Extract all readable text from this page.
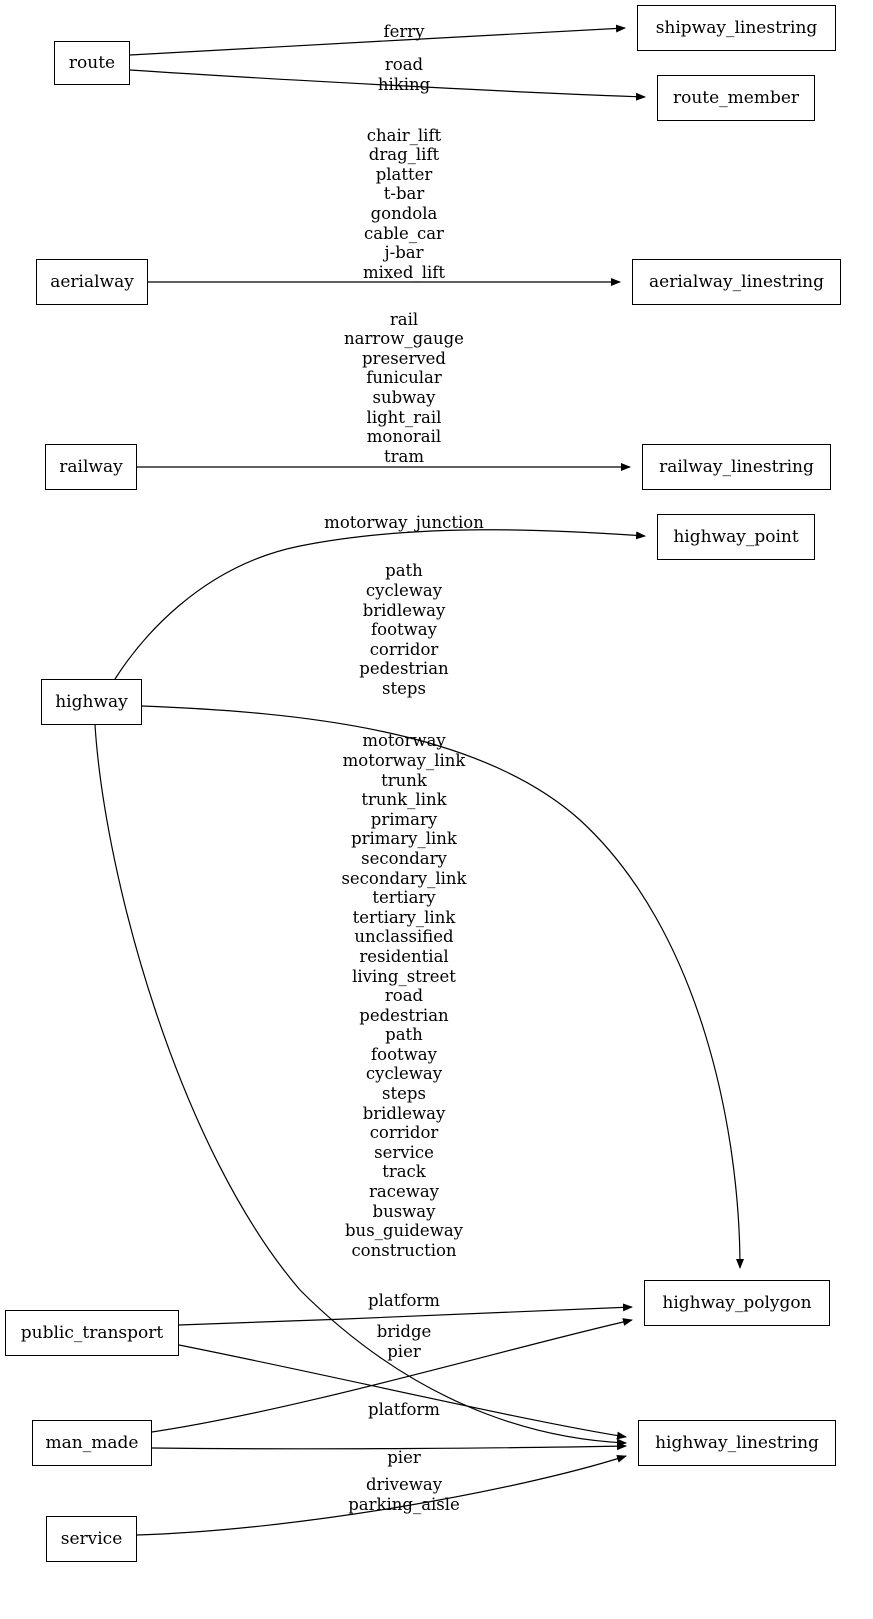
route
shipway_linestring
route_member
aerialway	aerialway_linestring
railway	railway_linestring
highway_point
highway
highway_polygon
public_transport
man_made	highway_linestring
service
ferry
road
hiking
chair_lift
drag_lift
platter
t-bar
gondola
cable_car
j-bar
mixed_lift
rail
narrow_gauge
preserved
funicular
subway
light_rail
monorail
tram
motorway_junction
path
cycleway
bridleway
footway
corridor
pedestrian
steps
motorway
motorway_link
trunk
trunk_link
primary
primary_link
secondary
secondary_link
tertiary
tertiary_link
unclassified
residential
living_street
road
pedestrian
path
footway
cycleway
steps
bridleway
corridor
service
track
raceway
busway
bus_guideway
construction
platform
bridge
pier
platform
pier
driveway
parking_aisle
